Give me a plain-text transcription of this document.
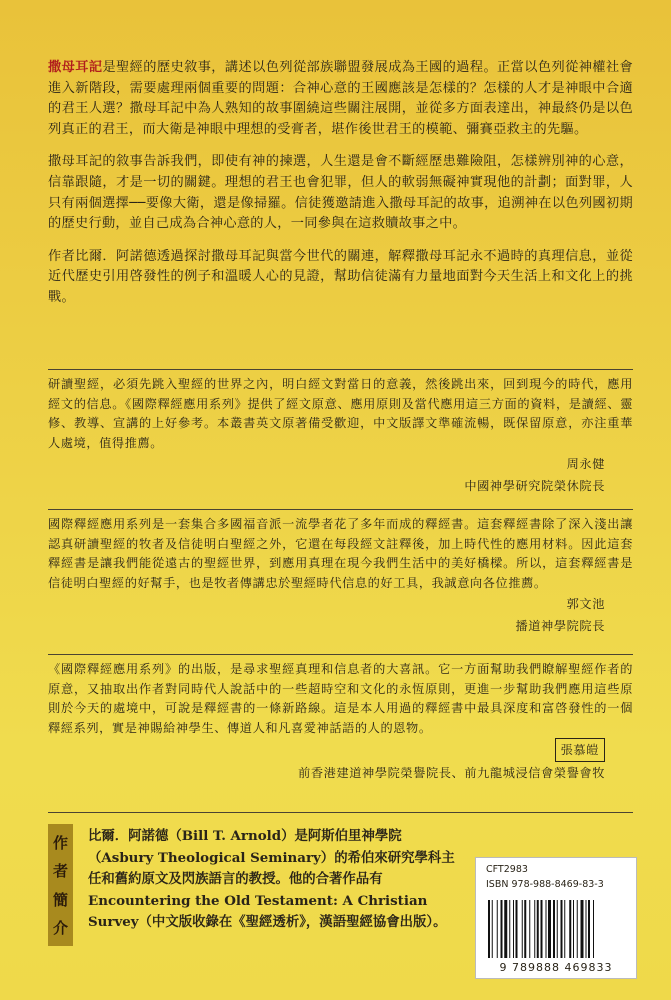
撒母耳記是聖經的歷史敘事，講述以色列從部族聯盟發展成為王國的過程。正當以色列從神權社會進入新階段，需要處理兩個重要的問題：合神心意的王國應該是怎樣的？怎樣的人才是神眼中合適的君王人選？撒母耳記中為人熟知的故事圍繞這些關注展開，並從多方面表達出，神最終仍是以色列真正的君王，而大衛是神眼中理想的受膏者，堪作後世君王的模範、彌賽亞救主的先驅。

撒母耳記的敘事告訴我們，即使有神的揀選，人生還是會不斷經歷患難險阻，怎樣辨別神的心意，信靠跟隨，才是一切的關鍵。理想的君王也會犯罪，但人的軟弱無礙神實現他的計劃；面對罪，人只有兩個選擇──要像大衛，還是像掃羅。信徒獲邀請進入撒母耳記的故事，追溯神在以色列國初期的歷史行動，並自己成為合神心意的人，一同參與在這救贖故事之中。

作者比爾．阿諾德透過探討撒母耳記與當今世代的關連，解釋撒母耳記永不過時的真理信息，並從近代歷史引用啓發性的例子和溫暖人心的見證，幫助信徒滿有力量地面對今天生活上和文化上的挑戰。

研讀聖經，必須先跳入聖經的世界之內，明白經文對當日的意義，然後跳出來，回到現今的時代，應用經文的信息。《國際釋經應用系列》提供了經文原意、應用原則及當代應用這三方面的資料，是讀經、靈修、教導、宣講的上好參考。本叢書英文原著備受歡迎，中文版譯文準確流暢，既保留原意，亦注重華人處境，值得推薦。

周永健
中國神學研究院榮休院長

國際釋經應用系列是一套集合多國福音派一流學者花了多年而成的釋經書。這套釋經書除了深入淺出讓認真研讀聖經的牧者及信徒明白聖經之外，它還在每段經文註釋後，加上時代性的應用材料。因此這套釋經書是讓我們能從遠古的聖經世界，到應用真理在現今我們生活中的美好橋樑。所以，這套釋經書是信徒明白聖經的好幫手，也是牧者傳講忠於聖經時代信息的好工具，我誠意向各位推薦。

郭文池
播道神學院院長

《國際釋經應用系列》的出版，是尋求聖經真理和信息者的大喜訊。它一方面幫助我們瞭解聖經作者的原意，又抽取出作者對同時代人說話中的一些超時空和文化的永恆原則，更進一步幫助我們應用這些原則於今天的處境中，可說是釋經書的一條新路線。這是本人用過的釋經書中最具深度和富啓發性的一個釋經系列，實是神賜給神學生、傳道人和凡喜愛神話語的人的恩物。

張慕皚
前香港建道神學院榮譽院長、前九龍城浸信會榮譽會牧
作
者
簡
介
比爾．阿諾德（Bill T. Arnold）是阿斯伯里神學院（Asbury Theological Seminary）的希伯來研究學科主任和舊約原文及閃族語言的教授。他的合著作品有 Encountering the Old Testament: A Christian Survey（中文版收錄在《聖經透析》，漢語聖經協會出版）。
CFT2983
ISBN 978-988-8469-83-3
9 789888 469833
